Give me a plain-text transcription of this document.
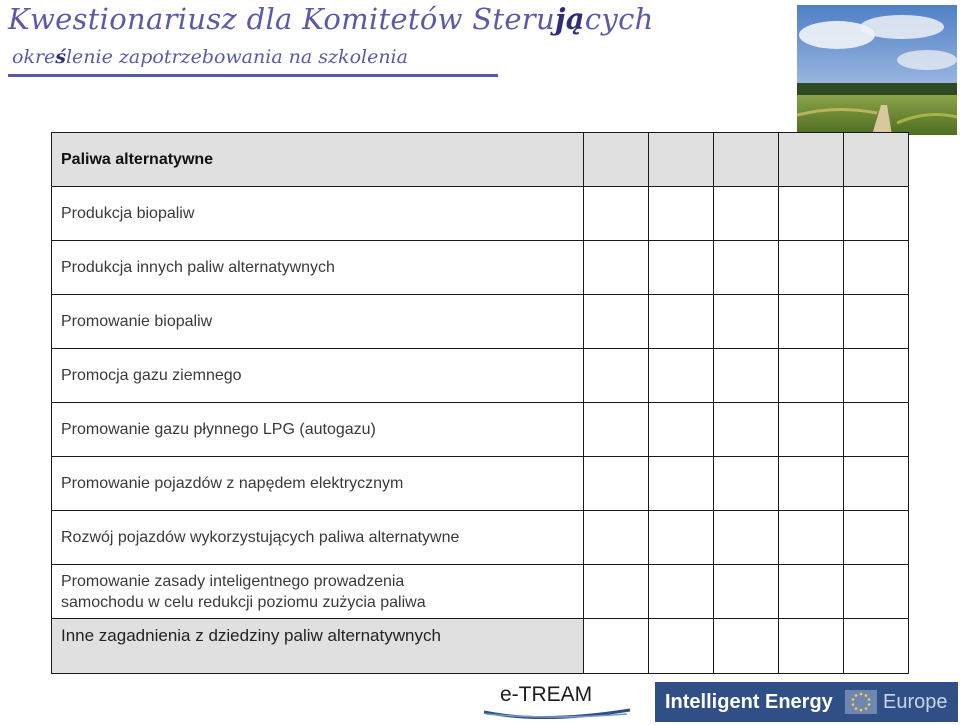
Kwestionariusz dla Komitetów Sterujących
określenie zapotrzebowania na szkolenia
Paliwa alternatywne					
Produkcja biopaliw					
Produkcja innych paliw alternatywnych					
Promowanie biopaliw					
Promocja gazu ziemnego					
Promowanie gazu płynnego LPG (autogazu)					
Promowanie pojazdów z napędem elektrycznym					
Rozwój pojazdów wykorzystujących paliwa alternatywne					

Promowanie zasady inteligentnego prowadzenia
samochodu w celu redukcji poziomu zużycia paliwa					

Inne zagadnienia z dziedziny paliw alternatywnych					
e-TREAM	Intelligent Energy	Europe
